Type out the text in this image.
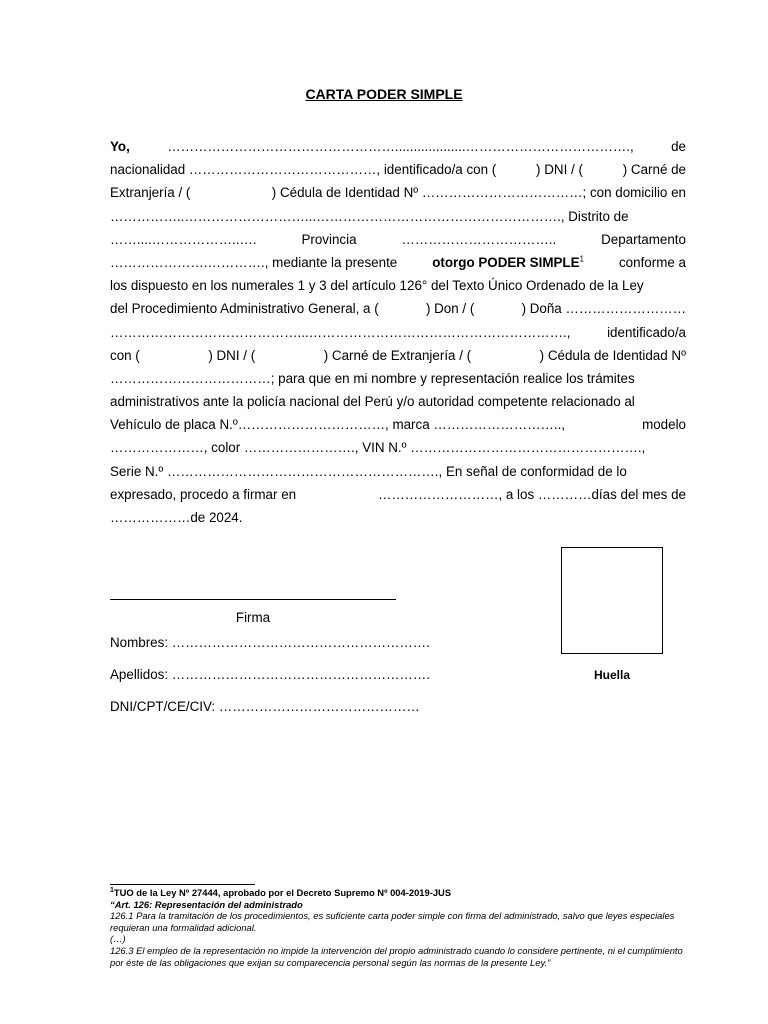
CARTA PODER SIMPLE
Yo,	……………………………………………...................……………………………….,	de
nacionalidad ……………………………………, identificado/a con (	) DNI / (	) Carné de
Extranjería / (	) Cédula de Identidad Nº ………………………………; con domicilio en
……………..………………………...………………………………………………., Distrito de
……....………………..….	Provincia	……………………………..	Departamento
………………….…………., mediante la presente	otorgo PODER SIMPLE$^1$	conforme a
los dispuesto en los numerales 1 y 3 del artículo 126° del Texto Único Ordenado de la Ley
del Procedimiento Administrativo General, a (	) Don / (	) Doña ………………………
……………………………………...………………………………………………….,	identificado/a
con (	) DNI / (	) Carné de Extranjería / (	) Cédula de Identidad Nº
………………………………; para que en mi nombre y representación realice los trámites
administrativos ante la policía nacional del Perú y/o autoridad competente relacionado al
Vehículo de placa N.º……………………………, marca ………………………..,	modelo
…………………, color ……………………., VIN N.º …………………………………………….,
Serie N.º ……………………………………………………., En señal de conformidad de lo
expresado, procedo a firmar en	………………………, a los …………días del mes de
………………de 2024.
Firma
Nombres: ………………………………………………….
Apellidos: ………………………………………………….
DNI/CPT/CE/CIV: ………………………………………
Huella
$^1$TUO de la Ley Nº 27444, aprobado por el Decreto Supremo Nº 004-2019-JUS
“Art. 126: Representación del administrado
126.1 Para la tramitación de los procedimientos, es suficiente carta poder simple con firma del administrado, salvo que leyes especiales requieran una formalidad adicional.
(…)
126.3 El empleo de la representación no impide la intervención del propio administrado cuando lo considere pertinente, ni el cumplimiento por éste de las obligaciones que exijan su comparecencia personal según las normas de la presente Ley.”
